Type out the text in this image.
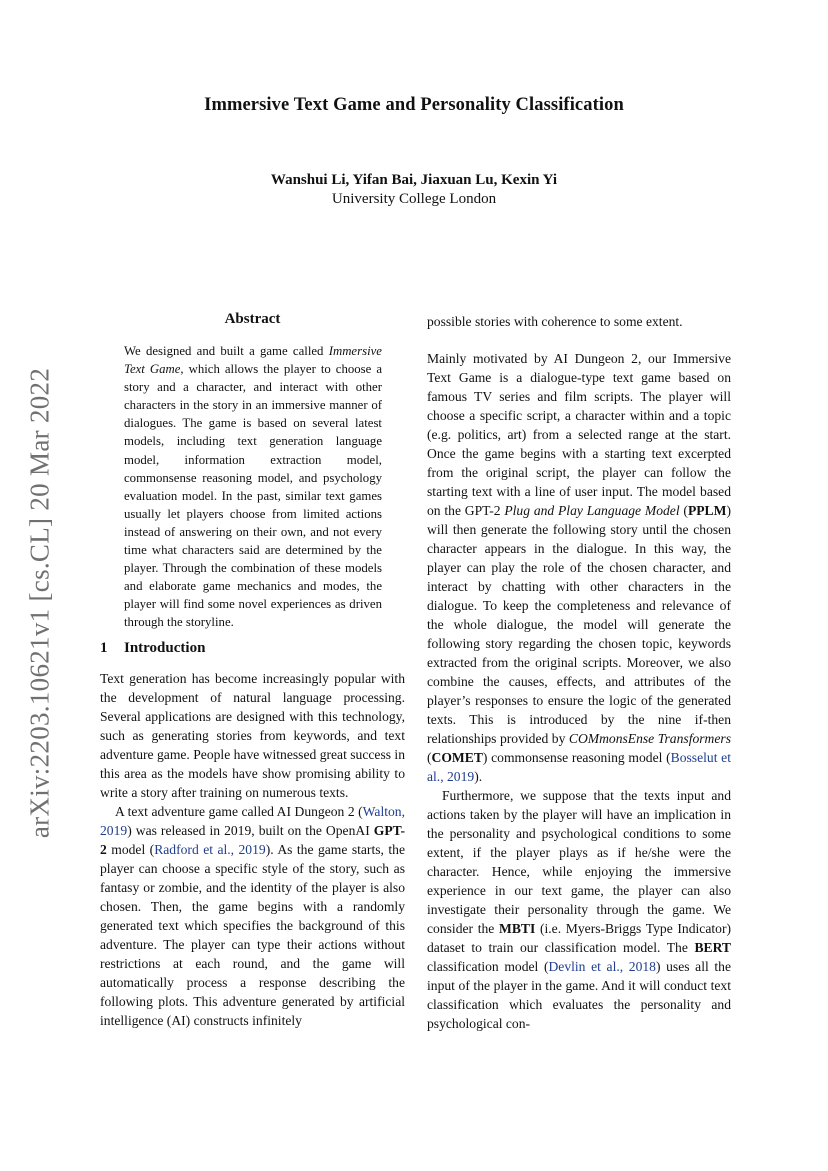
Immersive Text Game and Personality Classification
Wanshui Li, Yifan Bai, Jiaxuan Lu, Kexin Yi
University College London
arXiv:2203.10621v1 [cs.CL] 20 Mar 2022
Abstract
We designed and built a game called Immersive Text Game, which allows the player to choose a story and a character, and interact with other characters in the story in an immersive manner of dialogues. The game is based on several latest models, including text generation language model, information extraction model, commonsense reasoning model, and psychology evaluation model. In the past, similar text games usually let players choose from limited actions instead of answering on their own, and not every time what characters said are determined by the player. Through the combination of these models and elaborate game mechanics and modes, the player will find some novel experiences as driven through the storyline.
1 Introduction

Text generation has become increasingly popular with the development of natural language processing. Several applications are designed with this technology, such as generating stories from keywords, and text adventure game. People have witnessed great success in this area as the models have show promising ability to write a story after training on numerous texts.

A text adventure game called AI Dungeon 2 (Walton, 2019) was released in 2019, built on the OpenAI GPT-2 model (Radford et al., 2019). As the game starts, the player can choose a specific style of the story, such as fantasy or zombie, and the identity of the player is also chosen. Then, the game begins with a randomly generated text which specifies the background of this adventure. The player can type their actions without restrictions at each round, and the game will automatically process a response describing the following plots. This adventure generated by artificial intelligence (AI) constructs infinitely

possible stories with coherence to some extent.

Mainly motivated by AI Dungeon 2, our Immersive Text Game is a dialogue-type text game based on famous TV series and film scripts. The player will choose a specific script, a character within and a topic (e.g. politics, art) from a selected range at the start. Once the game begins with a starting text excerpted from the original script, the player can follow the starting text with a line of user input. The model based on the GPT-2 Plug and Play Language Model (PPLM) will then generate the following story until the chosen character appears in the dialogue. In this way, the player can play the role of the chosen character, and interact by chatting with other characters in the dialogue. To keep the completeness and relevance of the whole dialogue, the model will generate the following story regarding the chosen topic, keywords extracted from the original scripts. Moreover, we also combine the causes, effects, and attributes of the player’s responses to ensure the logic of the generated texts. This is introduced by the nine if-then relationships provided by COMmonsEnse Transformers (COMET) commonsense reasoning model (Bosselut et al., 2019).

Furthermore, we suppose that the texts input and actions taken by the player will have an implication in the personality and psychological conditions to some extent, if the player plays as if he/she were the character. Hence, while enjoying the immersive experience in our text game, the player can also investigate their personality through the game. We consider the MBTI (i.e. Myers-Briggs Type Indicator) dataset to train our classification model. The BERT classification model (Devlin et al., 2018) uses all the input of the player in the game. And it will conduct text classification which evaluates the personality and psychological con-
